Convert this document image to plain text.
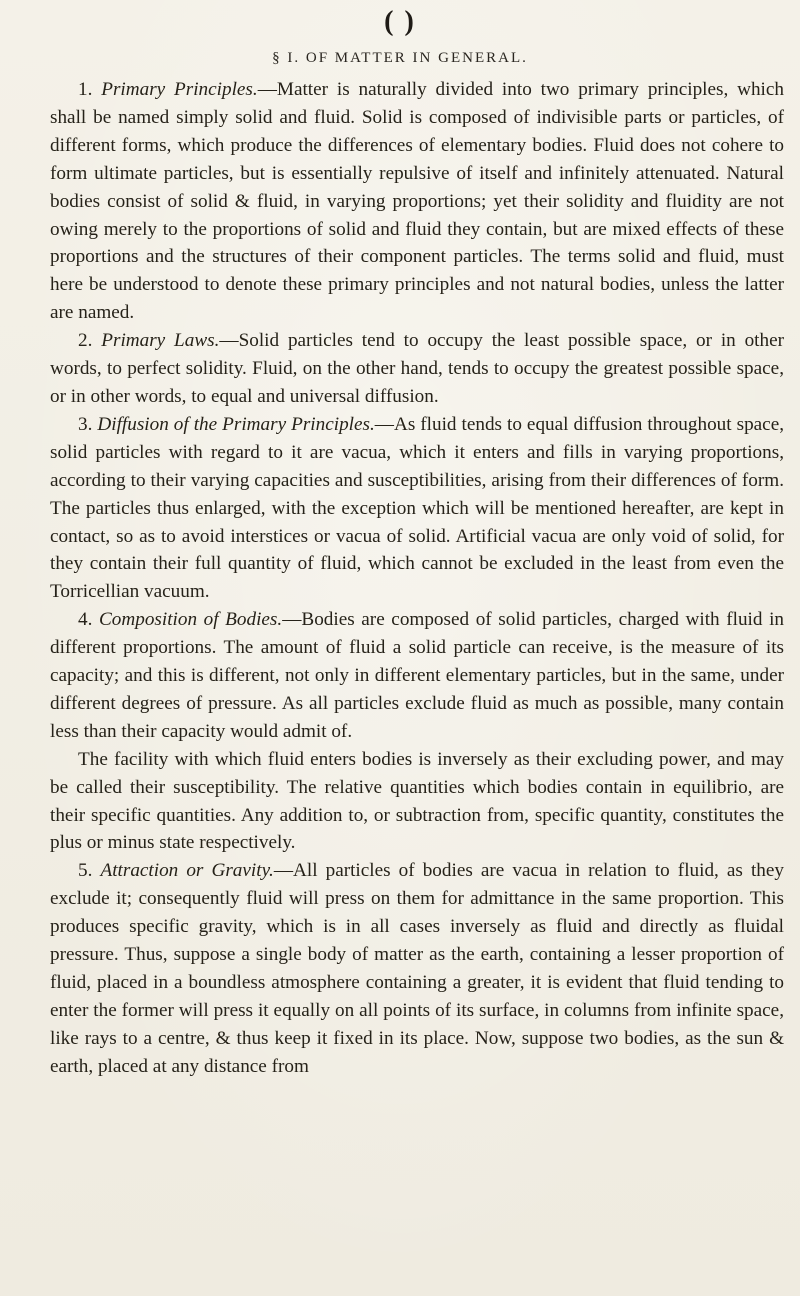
( )
§ I. OF MATTER IN GENERAL.

1. Primary Principles.—Matter is naturally divided into two primary principles, which shall be named simply solid and fluid. Solid is composed of indivisible parts or particles, of different forms, which produce the differences of elementary bodies. Fluid does not cohere to form ultimate particles, but is essentially repulsive of itself and infinitely attenuated. Natural bodies consist of solid & fluid, in varying proportions; yet their solidity and fluidity are not owing merely to the proportions of solid and fluid they contain, but are mixed effects of these proportions and the structures of their component particles. The terms solid and fluid, must here be understood to denote these primary principles and not natural bodies, unless the latter are named.

2. Primary Laws.—Solid particles tend to occupy the least possible space, or in other words, to perfect solidity. Fluid, on the other hand, tends to occupy the greatest possible space, or in other words, to equal and universal diffusion.

3. Diffusion of the Primary Principles.—As fluid tends to equal diffusion throughout space, solid particles with regard to it are vacua, which it enters and fills in varying proportions, according to their varying capacities and susceptibilities, arising from their differences of form. The particles thus enlarged, with the exception which will be mentioned hereafter, are kept in contact, so as to avoid interstices or vacua of solid. Artificial vacua are only void of solid, for they contain their full quantity of fluid, which cannot be excluded in the least from even the Torricellian vacuum.

4. Composition of Bodies.—Bodies are composed of solid particles, charged with fluid in different proportions. The amount of fluid a solid particle can receive, is the measure of its capacity; and this is different, not only in different elementary particles, but in the same, under different degrees of pressure. As all particles exclude fluid as much as possible, many contain less than their capacity would admit of.

The facility with which fluid enters bodies is inversely as their excluding power, and may be called their susceptibility. The relative quantities which bodies contain in equilibrio, are their specific quantities. Any addition to, or subtraction from, specific quantity, constitutes the plus or minus state respectively.

5. Attraction or Gravity.—All particles of bodies are vacua in relation to fluid, as they exclude it; consequently fluid will press on them for admittance in the same proportion. This produces specific gravity, which is in all cases inversely as fluid and directly as fluidal pressure. Thus, suppose a single body of matter as the earth, containing a lesser proportion of fluid, placed in a boundless atmosphere containing a greater, it is evident that fluid tending to enter the former will press it equally on all points of its surface, in columns from infinite space, like rays to a centre, & thus keep it fixed in its place. Now, suppose two bodies, as the sun & earth, placed at any distance from
